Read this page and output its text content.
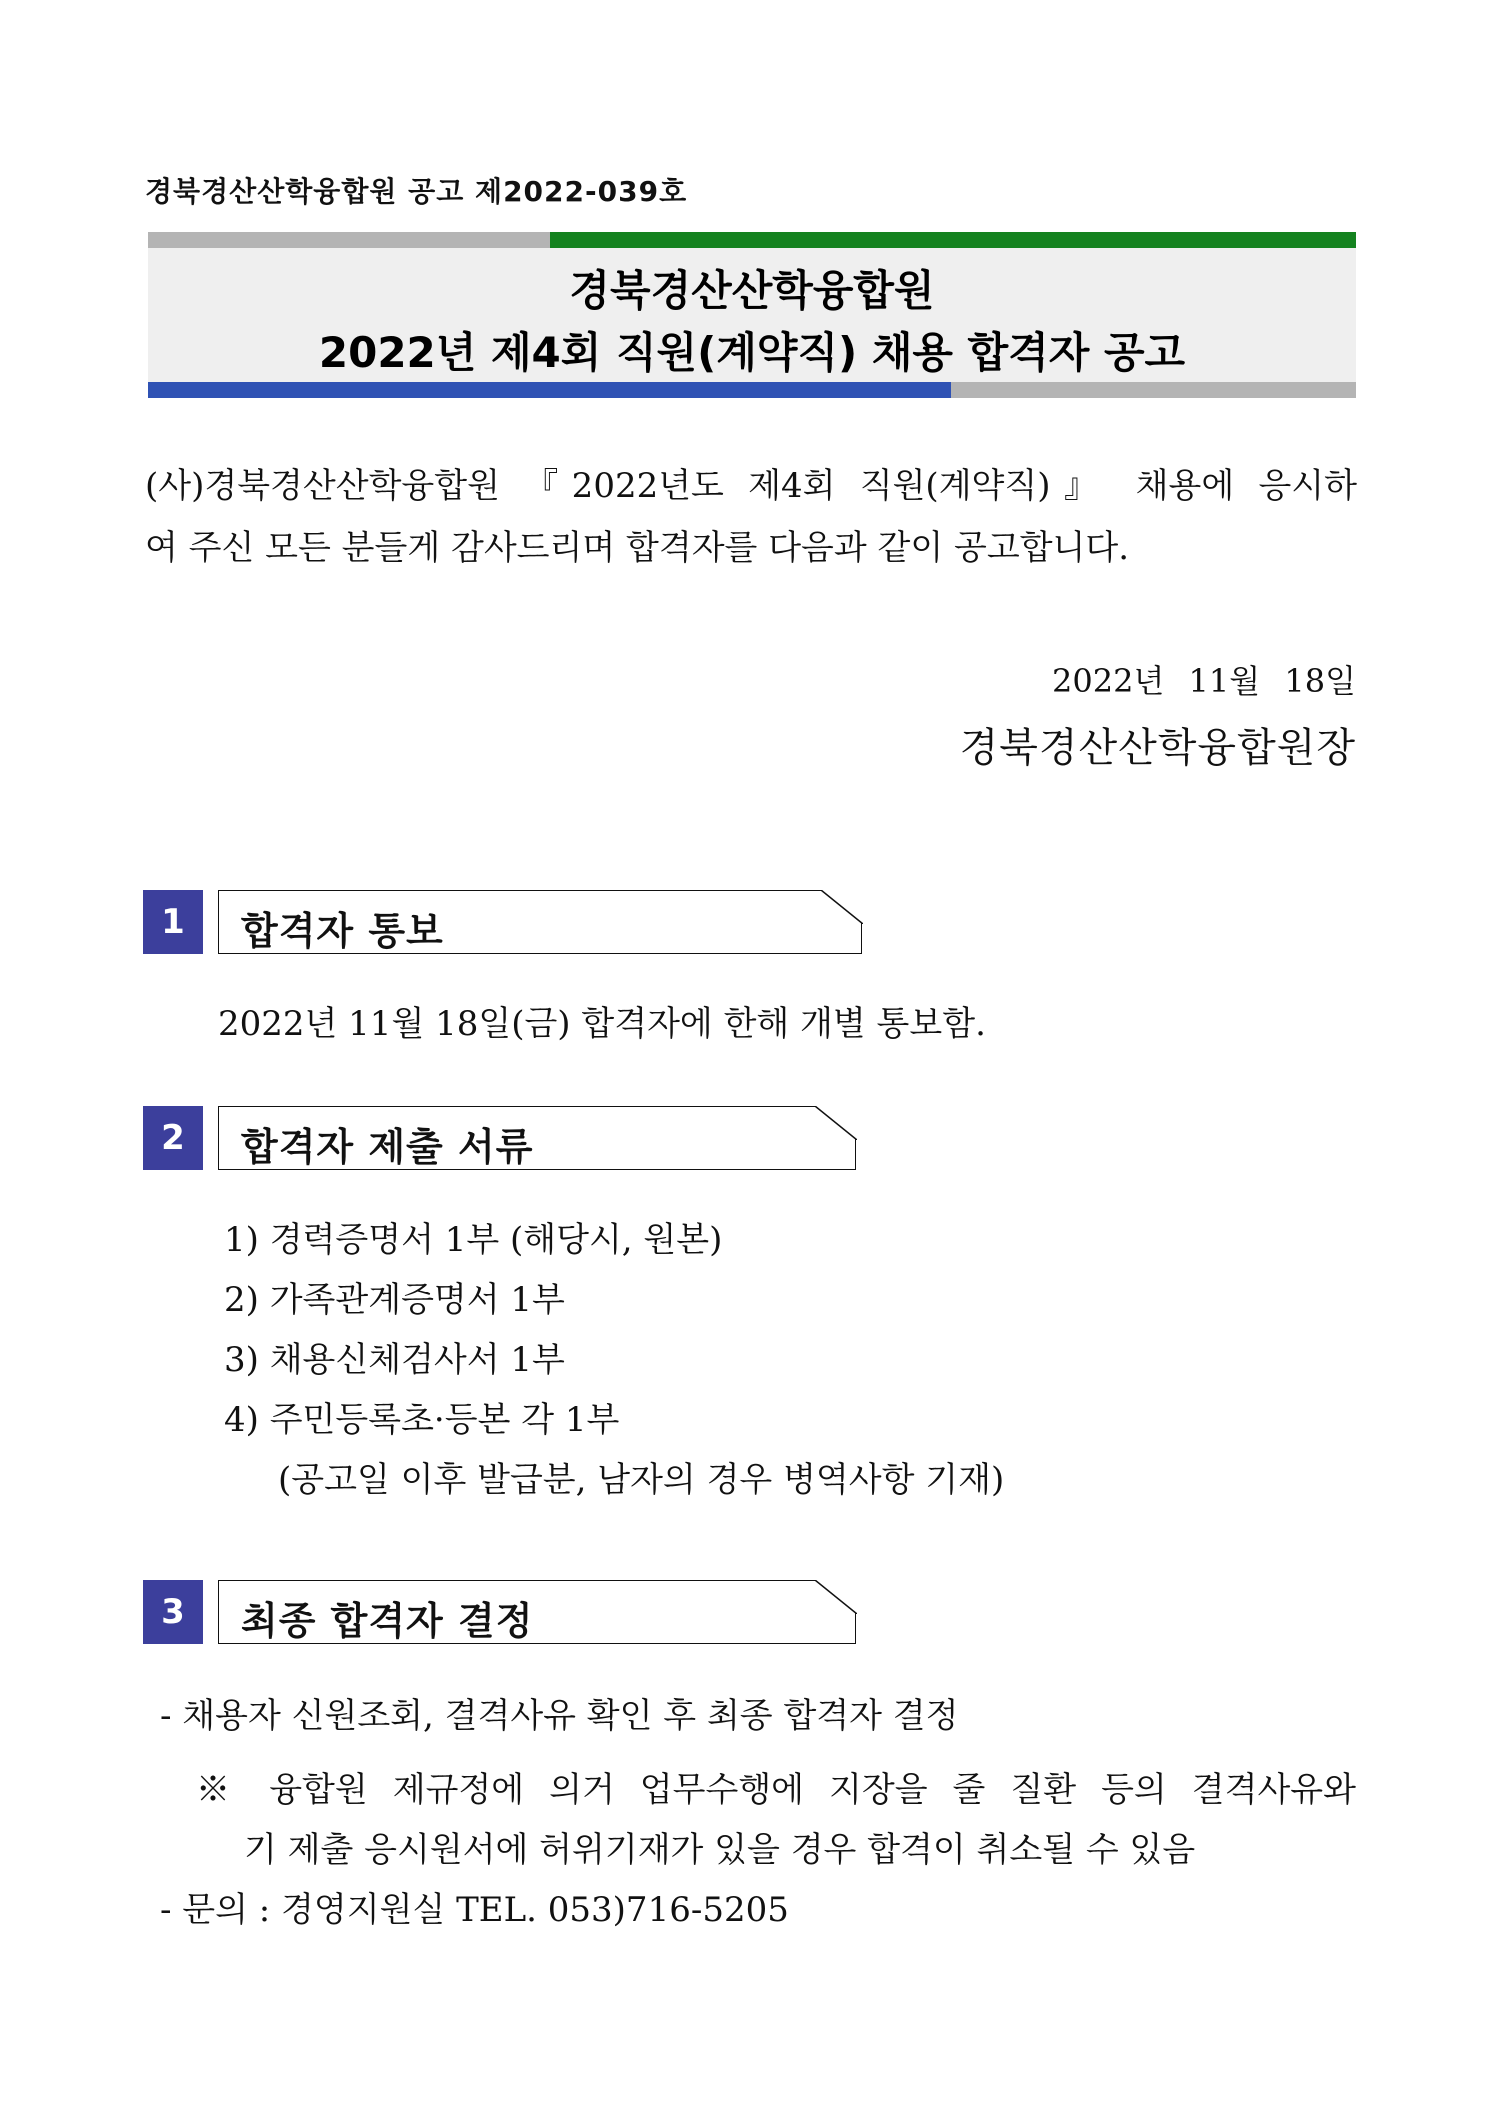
경북경산산학융합원 공고 제2022-039호
경북경산산학융합원
2022년 제4회 직원(계약직) 채용 합격자 공고
(사)경북경산산학융합원 『2022년도 제4회 직원(계약직)』 채용에 응시하
여 주신 모든 분들게 감사드리며 합격자를 다음과 같이 공고합니다.
2022년 11월 18일
경북경산산학융합원장
1	합격자 통보
2022년 11월 18일(금) 합격자에 한해 개별 통보함.
2	합격자 제출 서류
1) 경력증명서 1부 (해당시, 원본)
2) 가족관계증명서 1부
3) 채용신체검사서 1부
4) 주민등록초·등본 각 1부
(공고일 이후 발급분, 남자의 경우 병역사항 기재)
3	최종 합격자 결정
- 채용자 신원조회, 결격사유 확인 후 최종 합격자 결정
※ 융합원 제규정에 의거 업무수행에 지장을 줄 질환 등의 결격사유와
기 제출 응시원서에 허위기재가 있을 경우 합격이 취소될 수 있음
- 문의 : 경영지원실 TEL. 053)716-5205
